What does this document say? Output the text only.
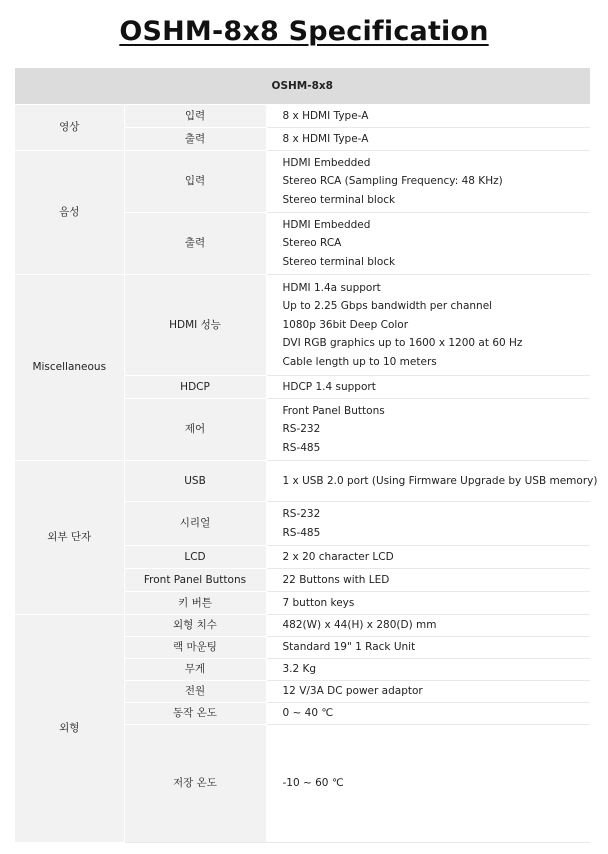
OSHM-8x8 Specification
OSHM-8x8		
영상	입력	8 x HDMI Type-A

	출력	8 x HDMI Type-A

음성	입력	HDMI Embedded
Stereo RCA (Sampling Frequency: 48 KHz)
Stereo terminal block

	출력	HDMI Embedded
Stereo RCA
Stereo terminal block

Miscellaneous	HDMI 성능	HDMI 1.4a support
Up to 2.25 Gbps bandwidth per channel
1080p 36bit Deep Color
DVI RGB graphics up to 1600 x 1200 at 60 Hz
Cable length up to 10 meters

	HDCP	HDCP 1.4 support

	제어	Front Panel Buttons
RS-232
RS-485

외부 단자	USB	1 x USB 2.0 port (Using Firmware Upgrade by USB memory)

	시리얼	RS-232
RS-485

	LCD	2 x 20 character LCD

	Front Panel Buttons	22 Buttons with LED

	키 버튼	7 button keys

외형	외형 치수	482(W) x 44(H) x 280(D) mm

	랙 마운팅	Standard 19" 1 Rack Unit

	무게	3.2 Kg

	전원	12 V/3A DC power adaptor

	동작 온도	0 ~ 40 ℃

	저장 온도	-10 ~ 60 ℃
